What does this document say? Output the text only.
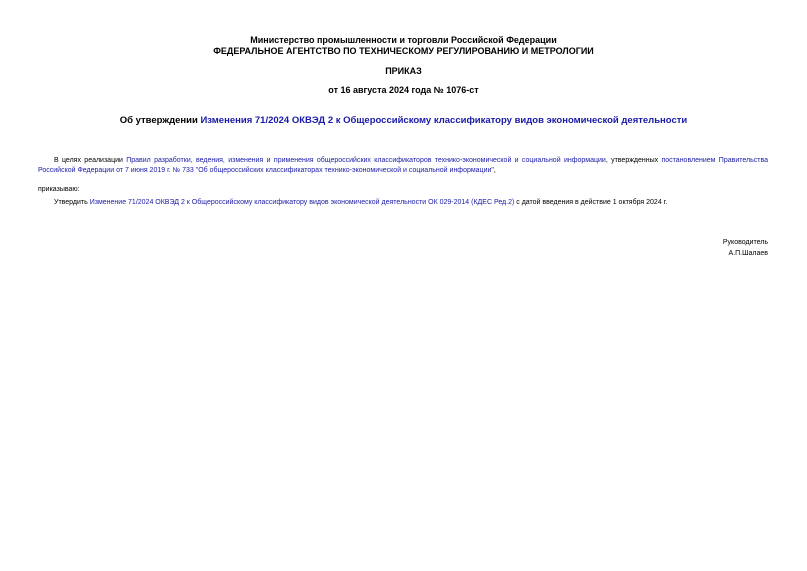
Министерство промышленности и торговли Российской Федерации
ФЕДЕРАЛЬНОЕ АГЕНТСТВО ПО ТЕХНИЧЕСКОМУ РЕГУЛИРОВАНИЮ И МЕТРОЛОГИИ
ПРИКАЗ
от 16 августа 2024 года № 1076-ст
Об утверждении Изменения 71/2024 ОКВЭД 2 к Общероссийскому классификатору видов экономической деятельности
В целях реализации Правил разработки, ведения, изменения и применения общероссийских классификаторов технико-экономической и социальной информации, утвержденных постановлением Правительства Российской Федерации от 7 июня 2019 г. № 733 "Об общероссийских классификаторах технико-экономической и социальной информации",
приказываю:
Утвердить Изменение 71/2024 ОКВЭД 2 к Общероссийскому классификатору видов экономической деятельности ОК 029-2014 (КДЕС Ред.2) с датой введения в действие 1 октября 2024 г.
Руководитель
А.П.Шалаев
